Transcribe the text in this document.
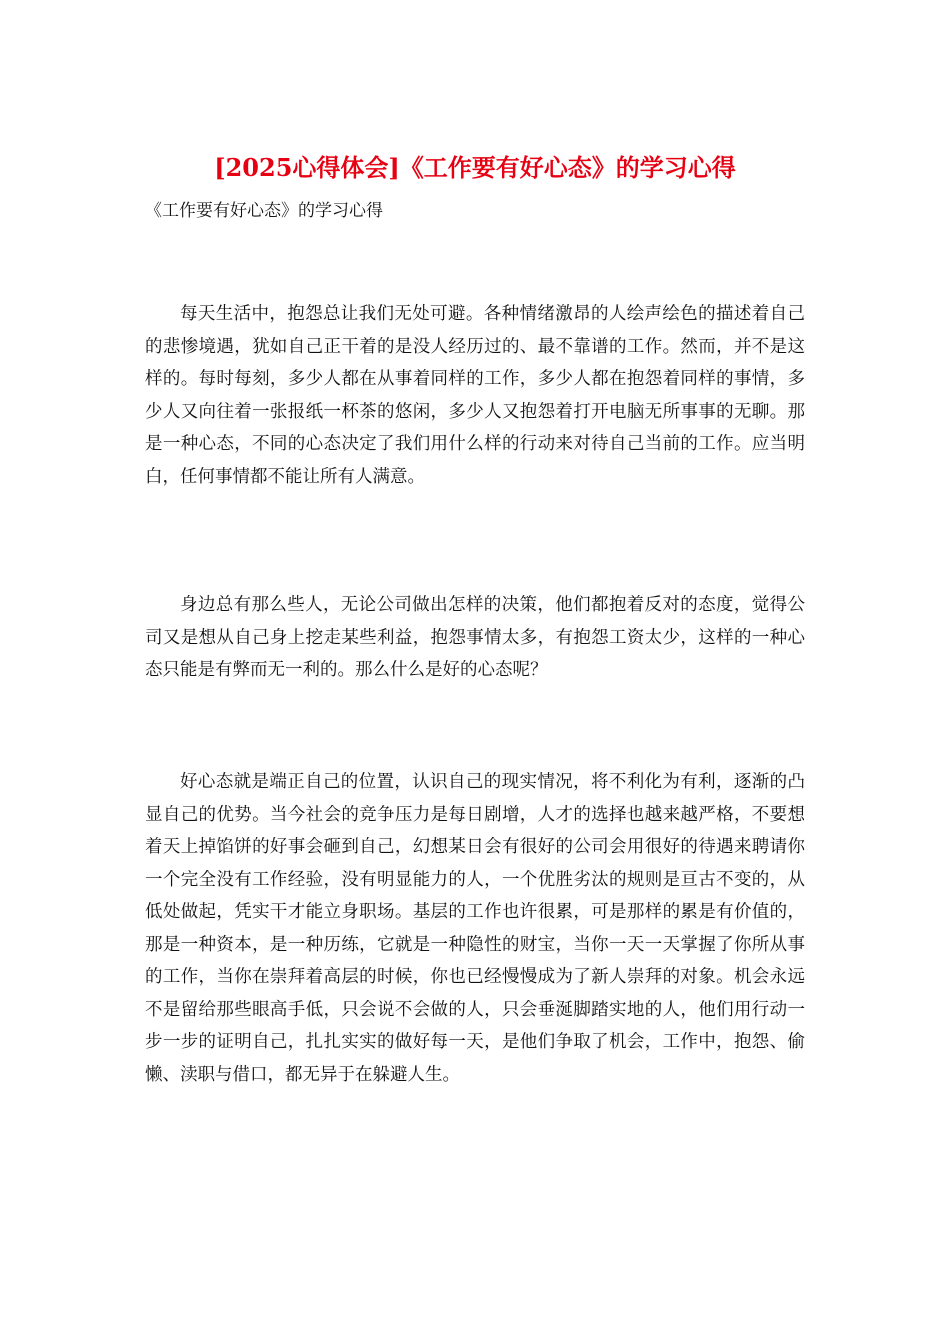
[2025心得体会]《工作要有好心态》的学习心得

《工作要有好心态》的学习心得

每天生活中，抱怨总让我们无处可避。各种情绪激昂的人绘声绘色的描述着自己的悲惨境遇，犹如自己正干着的是没人经历过的、最不靠谱的工作。然而，并不是这样的。每时每刻，多少人都在从事着同样的工作，多少人都在抱怨着同样的事情，多少人又向往着一张报纸一杯茶的悠闲，多少人又抱怨着打开电脑无所事事的无聊。那是一种心态，不同的心态决定了我们用什么样的行动来对待自己当前的工作。应当明白，任何事情都不能让所有人满意。

身边总有那么些人，无论公司做出怎样的决策，他们都抱着反对的态度，觉得公司又是想从自己身上挖走某些利益，抱怨事情太多，有抱怨工资太少，这样的一种心态只能是有弊而无一利的。那么什么是好的心态呢？

好心态就是端正自己的位置，认识自己的现实情况，将不利化为有利，逐渐的凸显自己的优势。当今社会的竞争压力是每日剧增，人才的选择也越来越严格，不要想着天上掉馅饼的好事会砸到自己，幻想某日会有很好的公司会用很好的待遇来聘请你一个完全没有工作经验，没有明显能力的人，一个优胜劣汰的规则是亘古不变的，从低处做起，凭实干才能立身职场。基层的工作也许很累，可是那样的累是有价值的，那是一种资本，是一种历练，它就是一种隐性的财宝，当你一天一天掌握了你所从事的工作，当你在崇拜着高层的时候，你也已经慢慢成为了新人崇拜的对象。机会永远不是留给那些眼高手低，只会说不会做的人，只会垂涎脚踏实地的人，他们用行动一步一步的证明自己，扎扎实实的做好每一天，是他们争取了机会，工作中，抱怨、偷懒、渎职与借口，都无异于在躲避人生。
